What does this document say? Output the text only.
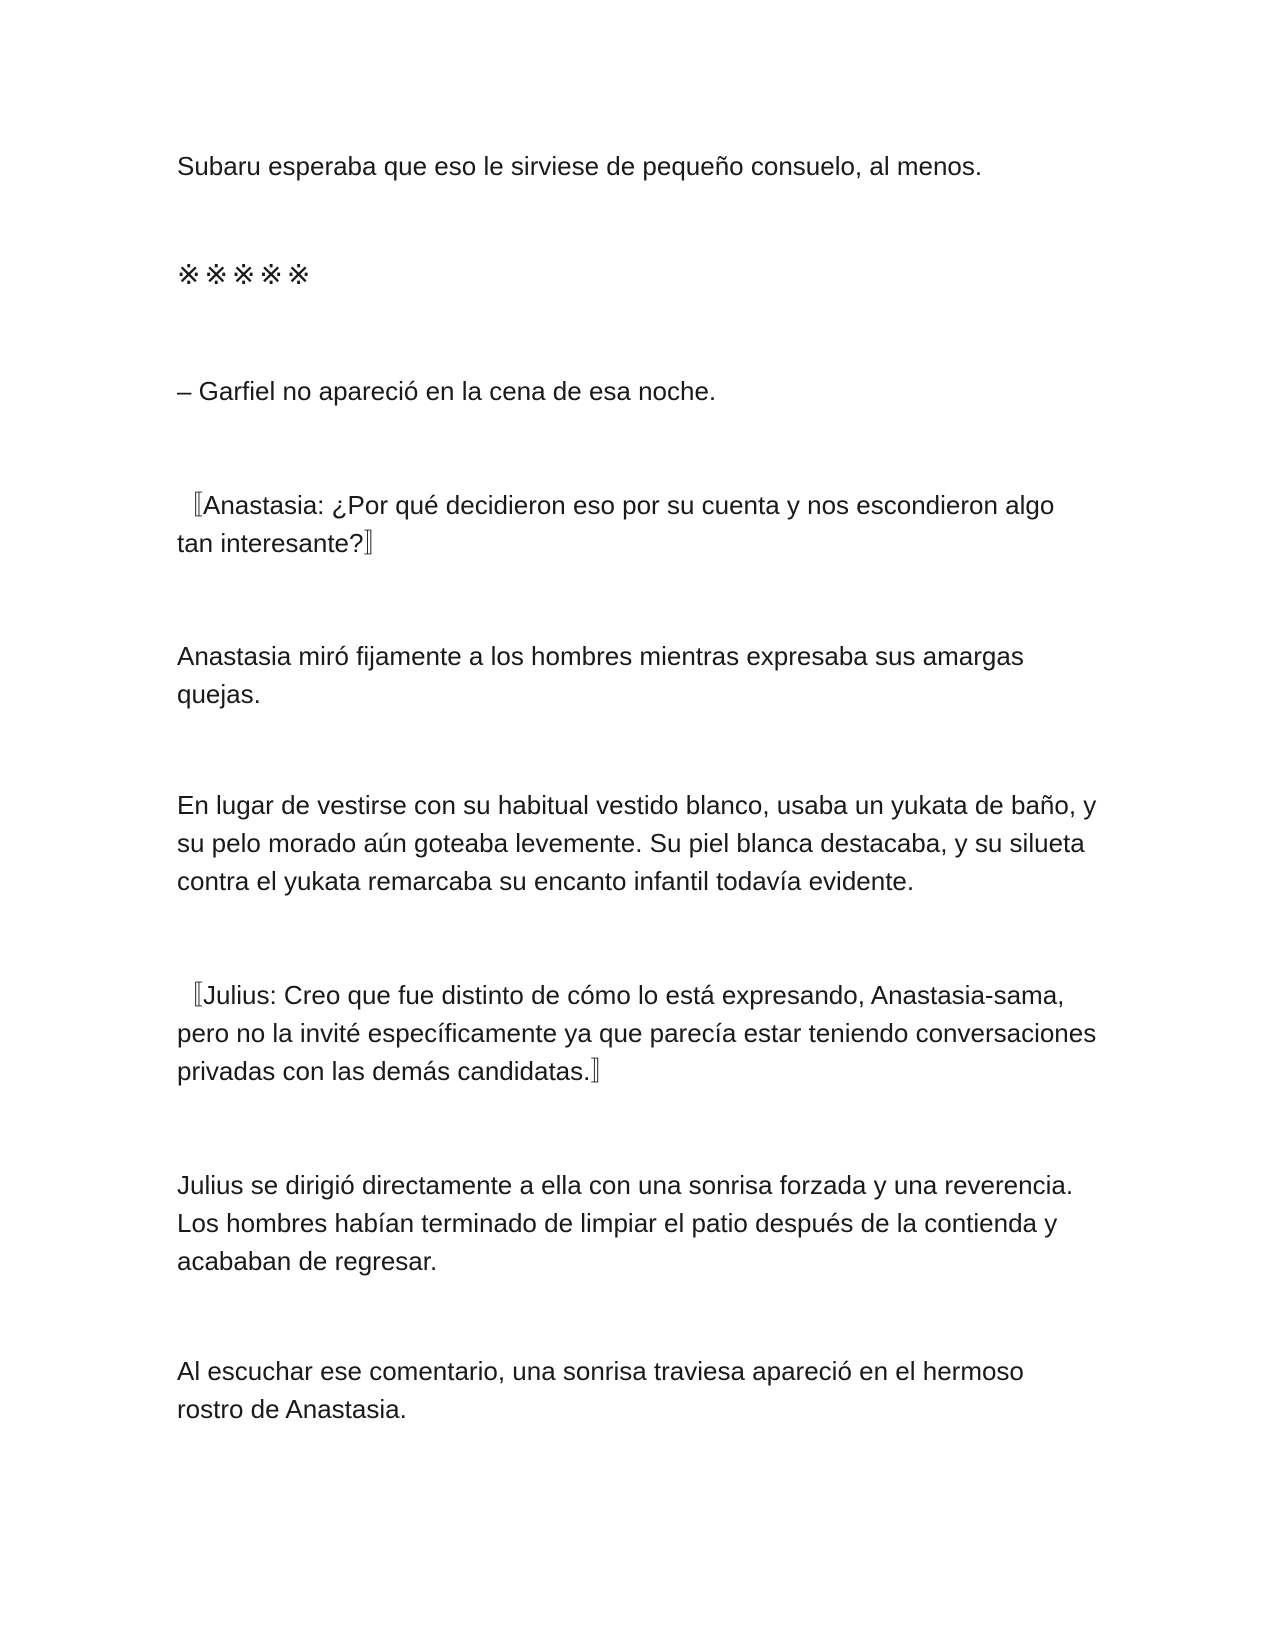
Subaru esperaba que eso le sirviese de pequeño consuelo, al menos.

※※※※※

– Garfiel no apareció en la cena de esa noche.

〚Anastasia: ¿Por qué decidieron eso por su cuenta y nos escondieron algo tan interesante?〛

Anastasia miró fijamente a los hombres mientras expresaba sus amargas quejas.

En lugar de vestirse con su habitual vestido blanco, usaba un yukata de baño, y su pelo morado aún goteaba levemente. Su piel blanca destacaba, y su silueta contra el yukata remarcaba su encanto infantil todavía evidente.

〚Julius: Creo que fue distinto de cómo lo está expresando, Anastasia-sama, pero no la invité específicamente ya que parecía estar teniendo conversaciones privadas con las demás candidatas.〛

Julius se dirigió directamente a ella con una sonrisa forzada y una reverencia. Los hombres habían terminado de limpiar el patio después de la contienda y acababan de regresar.

Al escuchar ese comentario, una sonrisa traviesa apareció en el hermoso rostro de Anastasia.
